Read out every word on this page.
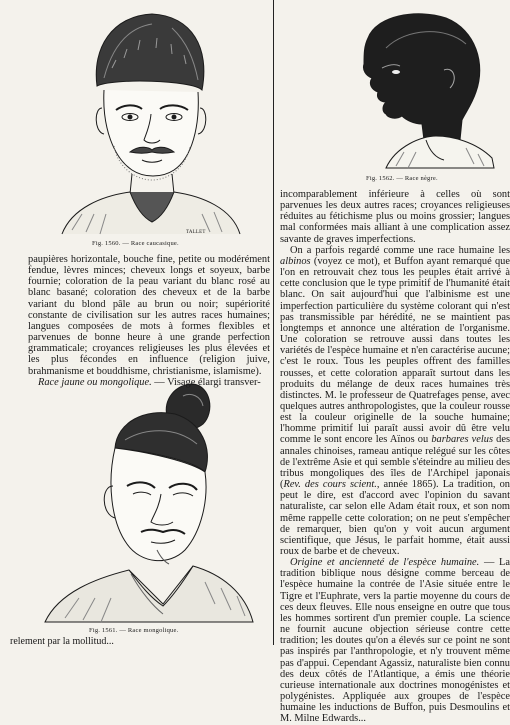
Fig. 1560. — Race caucasique.
TALLET
Fig. 1562. — Race nègre.
Fig. 1561. — Race mongolique.

paupières horizontale, bouche fine, petite ou modérément fendue, lèvres minces; cheveux longs et soyeux, barbe fournie; coloration de la peau variant du blanc rosé au blanc basané; coloration des cheveux et de la barbe variant du blond pâle au brun ou noir; supériorité constante de civilisation sur les autres races humaines; langues composées de mots à formes flexibles et parvenues de bonne heure à une grande perfection grammaticale; croyances religieuses les plus élevées et les plus fécondes en influence (religion juive, brahmanisme et bouddhisme, christianisme, islamisme).

Race jaune ou mongolique. — Visage élargi transver-

relement par la mollitud...

incomparablement inférieure à celles où sont parvenues les deux autres races; croyances religieuses réduites au fétichisme plus ou moins grossier; langues mal conformées mais alliant à une complication assez savante de graves imperfections.

On a parfois regardé comme une race humaine les albinos (voyez ce mot), et Buffon ayant remarqué que l'on en retrouvait chez tous les peuples était arrivé à cette conclusion que le type primitif de l'humanité était blanc. On sait aujourd'hui que l'albinisme est une imperfection particulière du système colorant qui n'est pas transmissible par hérédité, ne se maintient pas longtemps et annonce une altération de l'organisme. Une coloration se retrouve aussi dans toutes les variétés de l'espèce humaine et n'en caractérise aucune; c'est le roux. Tous les peuples offrent des familles rousses, et cette coloration apparaît surtout dans les produits du mélange de deux races humaines très distinctes. M. le professeur de Quatrefages pense, avec quelques autres anthropologistes, que la couleur rousse est la couleur originelle de la souche humaine; l'homme primitif lui paraît aussi avoir dû être velu comme le sont encore les Aïnos ou barbares velus des annales chinoises, rameau antique relégué sur les côtes de l'extrême Asie et qui semble s'éteindre au milieu des tribus mongoliques des îles de l'Archipel japonais (Rev. des cours scient., année 1865). La tradition, on peut le dire, est d'accord avec l'opinion du savant naturaliste, car selon elle Adam était roux, et son nom même rappelle cette coloration; on ne peut s'empêcher de remarquer, bien qu'on y voit aucun argument scientifique, que Jésus, le parfait homme, était aussi roux de barbe et de cheveux.

Origine et ancienneté de l'espèce humaine. — La tradition biblique nous désigne comme berceau de l'espèce humaine la contrée de l'Asie située entre le Tigre et l'Euphrate, vers la partie moyenne du cours de ces deux fleuves. Elle nous enseigne en outre que tous les hommes sortirent d'un premier couple. La science ne fournit aucune objection sérieuse contre cette tradition; les doutes qu'on a élevés sur ce point ne sont pas inspirés par l'anthropologie, et n'y trouvent même pas d'appui. Cependant Agassiz, naturaliste bien connu des deux côtés de l'Atlantique, a émis une théorie curieuse internationale aux doctrines monogénistes et polygénistes. Appliquée aux groupes de l'espèce humaine les inductions de Buffon, puis Desmoulins et M. Milne Edwards...
